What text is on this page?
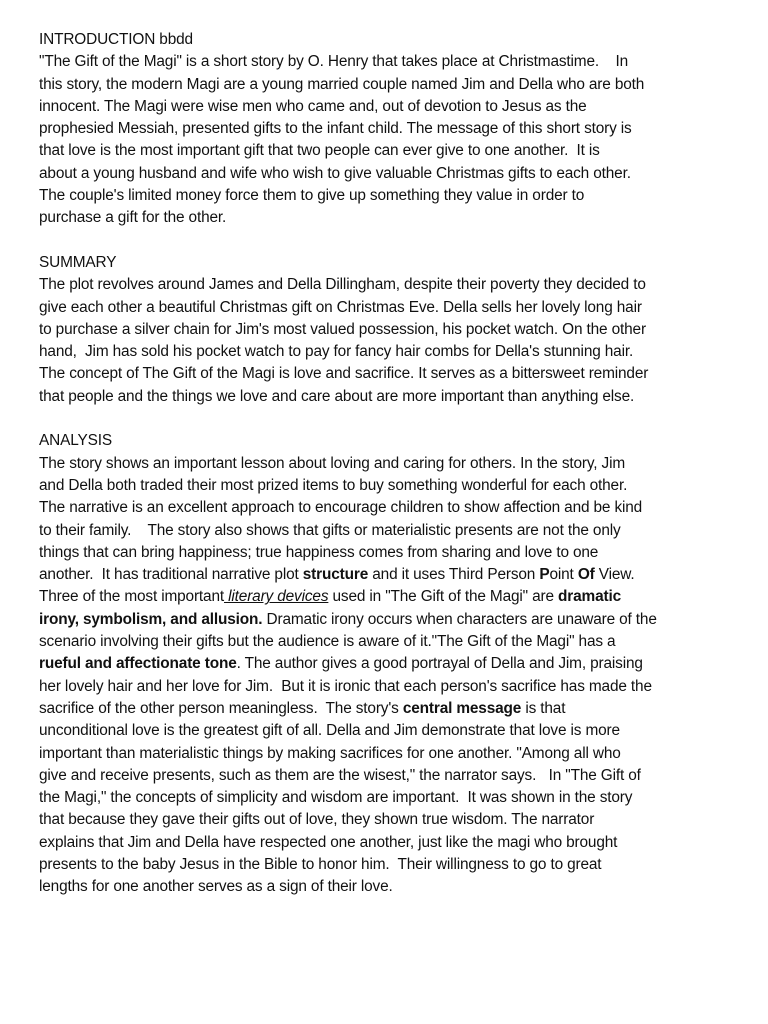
INTRODUCTION bbdd
"The Gift of the Magi" is a short story by O. Henry that takes place at Christmastime.    In
this story, the modern Magi are a young married couple named Jim and Della who are both
innocent. The Magi were wise men who came and, out of devotion to Jesus as the
prophesied Messiah, presented gifts to the infant child. The message of this short story is
that love is the most important gift that two people can ever give to one another.  It is
about a young husband and wife who wish to give valuable Christmas gifts to each other.
The couple's limited money force them to give up something they value in order to
purchase a gift for the other.
SUMMARY
The plot revolves around James and Della Dillingham, despite their poverty they decided to
give each other a beautiful Christmas gift on Christmas Eve. Della sells her lovely long hair
to purchase a silver chain for Jim's most valued possession, his pocket watch. On the other
hand,  Jim has sold his pocket watch to pay for fancy hair combs for Della's stunning hair.
The concept of The Gift of the Magi is love and sacrifice. It serves as a bittersweet reminder
that people and the things we love and care about are more important than anything else.
ANALYSIS
The story shows an important lesson about loving and caring for others. In the story, Jim
and Della both traded their most prized items to buy something wonderful for each other.
The narrative is an excellent approach to encourage children to show affection and be kind
to their family.    The story also shows that gifts or materialistic presents are not the only
things that can bring happiness; true happiness comes from sharing and love to one
another.  It has traditional narrative plot structure and it uses Third Person Point Of View.
Three of the most important literary devices used in "The Gift of the Magi" are dramatic
irony, symbolism, and allusion. Dramatic irony occurs when characters are unaware of the
scenario involving their gifts but the audience is aware of it."The Gift of the Magi" has a
rueful and affectionate tone. The author gives a good portrayal of Della and Jim, praising
her lovely hair and her love for Jim.  But it is ironic that each person's sacrifice has made the
sacrifice of the other person meaningless.  The story's central message is that
unconditional love is the greatest gift of all. Della and Jim demonstrate that love is more
important than materialistic things by making sacrifices for one another. "Among all who
give and receive presents, such as them are the wisest," the narrator says.   In "The Gift of
the Magi," the concepts of simplicity and wisdom are important.  It was shown in the story
that because they gave their gifts out of love, they shown true wisdom. The narrator
explains that Jim and Della have respected one another, just like the magi who brought
presents to the baby Jesus in the Bible to honor him.  Their willingness to go to great
lengths for one another serves as a sign of their love.
